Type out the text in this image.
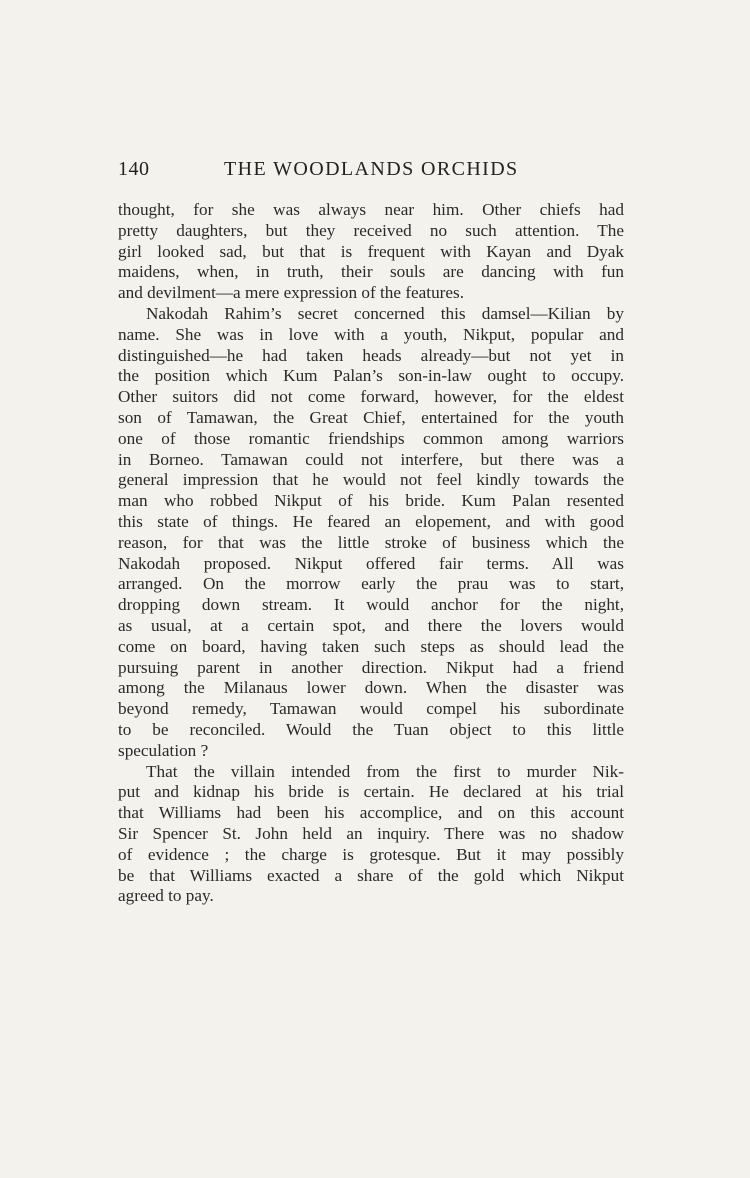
140	THE WOODLANDS ORCHIDS

thought, for she was always near him. Other chiefs had
pretty daughters, but they received no such attention. The
girl looked sad, but that is frequent with Kayan and Dyak
maidens, when, in truth, their souls are dancing with fun
and devilment—a mere expression of the features.

Nakodah Rahim’s secret concerned this damsel—Kilian by
name. She was in love with a youth, Nikput, popular and
distinguished—he had taken heads already—but not yet in
the position which Kum Palan’s son-in-law ought to occupy.
Other suitors did not come forward, however, for the eldest
son of Tamawan, the Great Chief, entertained for the youth
one of those romantic friendships common among warriors
in Borneo. Tamawan could not interfere, but there was a
general impression that he would not feel kindly towards the
man who robbed Nikput of his bride. Kum Palan resented
this state of things. He feared an elopement, and with good
reason, for that was the little stroke of business which the
Nakodah proposed. Nikput offered fair terms. All was
arranged. On the morrow early the prau was to start,
dropping down stream. It would anchor for the night,
as usual, at a certain spot, and there the lovers would
come on board, having taken such steps as should lead the
pursuing parent in another direction. Nikput had a friend
among the Milanaus lower down. When the disaster was
beyond remedy, Tamawan would compel his subordinate
to be reconciled. Would the Tuan object to this little
speculation ?

That the villain intended from the first to murder Nik-
put and kidnap his bride is certain. He declared at his trial
that Williams had been his accomplice, and on this account
Sir Spencer St. John held an inquiry. There was no shadow
of evidence ; the charge is grotesque. But it may possibly
be that Williams exacted a share of the gold which Nikput
agreed to pay.
